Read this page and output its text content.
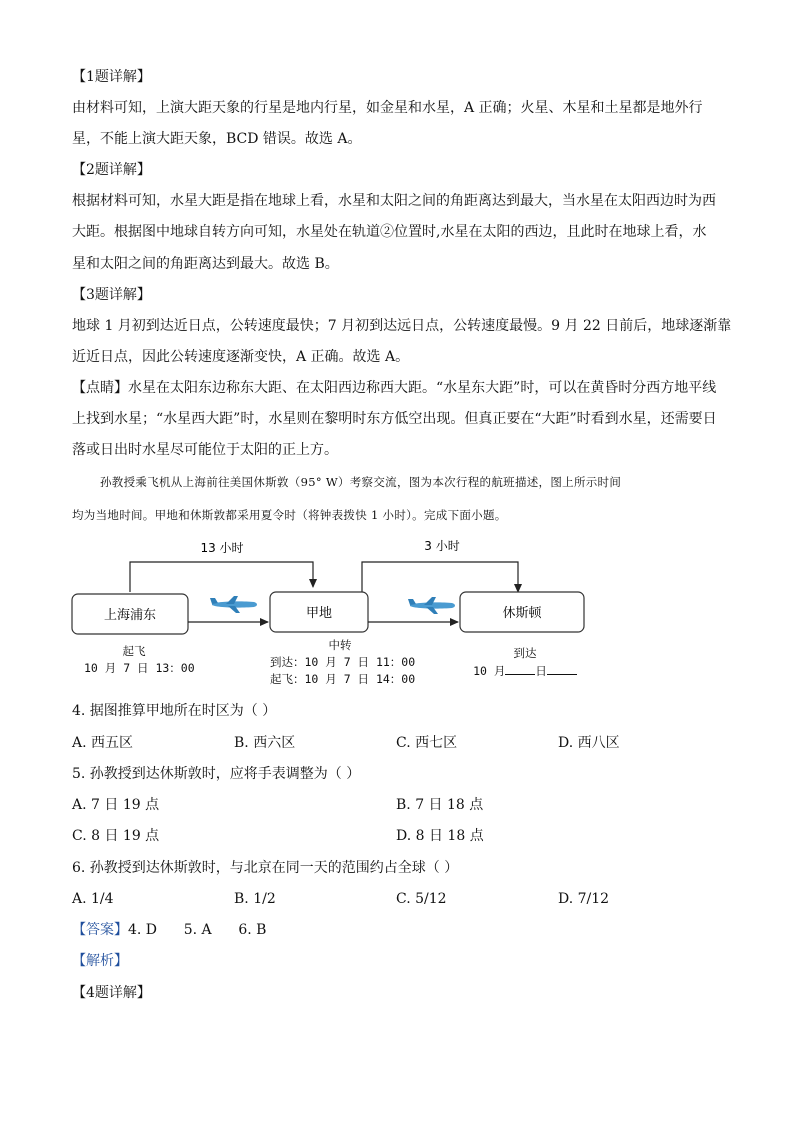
【1题详解】
由材料可知，上演大距天象的行星是地内行星，如金星和水星，A 正确；火星、木星和土星都是地外行
星，不能上演大距天象，BCD 错误。故选 A。
【2题详解】
根据材料可知，水星大距是指在地球上看，水星和太阳之间的角距离达到最大，当水星在太阳西边时为西
大距。根据图中地球自转方向可知，水星处在轨道②位置时,水星在太阳的西边，且此时在地球上看，水
星和太阳之间的角距离达到最大。故选 B。
【3题详解】
地球 1 月初到达近日点，公转速度最快；7 月初到达远日点，公转速度最慢。9 月 22 日前后，地球逐渐靠
近近日点，因此公转速度逐渐变快，A 正确。故选 A。
【点睛】水星在太阳东边称东大距、在太阳西边称西大距。“水星东大距”时，可以在黄昏时分西方地平线
上找到水星；“水星西大距”时，水星则在黎明时东方低空出现。但真正要在“大距”时看到水星，还需要日
落或日出时水星尽可能位于太阳的正上方。
孙教授乘飞机从上海前往美国休斯敦（95° W）考察交流，图为本次行程的航班描述，图上所示时间
均为当地时间。甲地和休斯敦都采用夏令时（将钟表拨快 1 小时）。完成下面小题。
13 小时	3 小时
上海浦东	甲地	休斯顿
起飞
10 月 7 日 13：00
中转
到达：10 月 7 日 11：00
起飞：10 月 7 日 14：00
到达
10 月	日
4. 据图推算甲地所在时区为（ ）
A. 西五区	B. 西六区	C. 西七区	D. 西八区
5. 孙教授到达休斯敦时，应将手表调整为（ ）
A. 7 日 19 点	B. 7 日 18 点
C. 8 日 19 点	D. 8 日 18 点
6. 孙教授到达休斯敦时，与北京在同一天的范围约占全球（ ）
A. 1/4	B. 1/2	C. 5/12	D. 7/12
【答案】4. D      5. A      6. B
【解析】
【4题详解】
